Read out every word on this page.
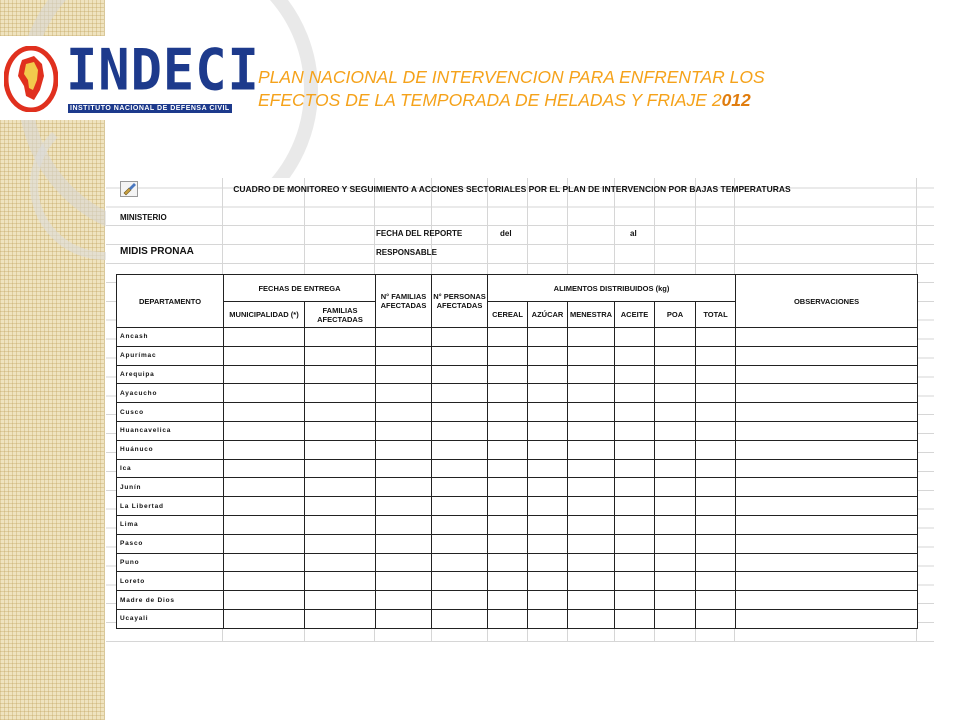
INDECI
INSTITUTO NACIONAL DE DEFENSA CIVIL
PLAN NACIONAL DE INTERVENCION PARA ENFRENTAR LOS
EFECTOS DE LA TEMPORADA DE HELADAS Y FRIAJE 2012
CUADRO DE MONITOREO Y SEGUIMIENTO A ACCIONES SECTORIALES POR EL PLAN DE INTERVENCION POR BAJAS TEMPERATURAS
MINISTERIO
FECHA DEL REPORTE	del	al
MIDIS PRONAA	RESPONSABLE
DEPARTAMENTO	FECHAS DE ENTREGA		N° FAMILIAS AFECTADAS	N° PERSONAS AFECTADAS	ALIMENTOS DISTRIBUIDOS (kg)						OBSERVACIONES
	MUNICIPALIDAD (*)	FAMILIAS AFECTADAS			CEREAL	AZÚCAR	MENESTRA	ACEITE	POA	TOTAL	
Ancash											
Apurímac											
Arequipa											
Ayacucho											
Cusco											
Huancavelica											
Huánuco											
Ica											
Junín											
La Libertad											
Lima											
Pasco											
Puno											
Loreto											
Madre de Dios											
Ucayali											
